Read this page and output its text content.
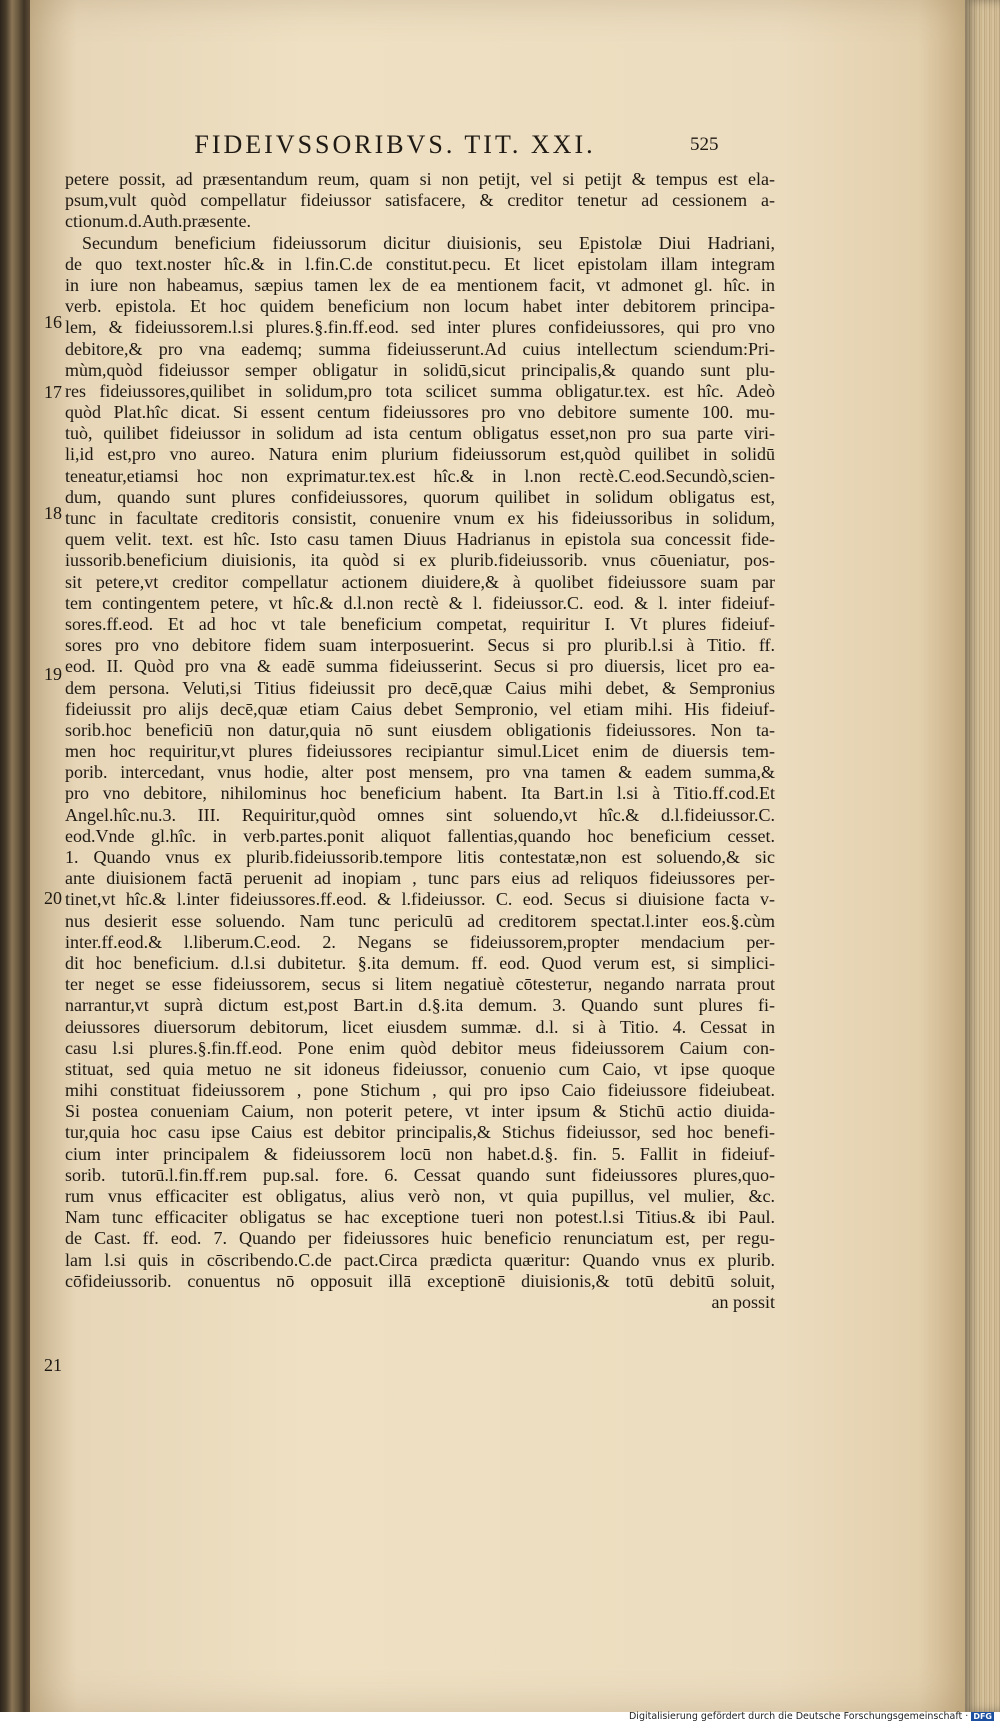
FIDEIVSSORIBVS. TIT. XXI.	525
16
17
18
19
20
21
petere possit, ad præsentandum reum, quam si non petijt, vel si petijt & tempus est ela-
psum,vult quòd compellatur fideiussor satisfacere, & creditor tenetur ad cessionem a-
ctionum.d.Auth.præsente.
Secundum beneficium fideiussorum dicitur diuisionis, seu Epistolæ Diui Hadriani,
de quo text.noster hîc.& in l.fin.C.de constitut.pecu. Et licet epistolam illam integram
in iure non habeamus, sæpius tamen lex de ea mentionem facit, vt admonet gl. hîc. in
verb. epistola. Et hoc quidem beneficium non locum habet inter debitorem principa-
lem, & fideiussorem.l.si plures.§.fin.ff.eod. sed inter plures confideiussores, qui pro vno
debitore,& pro vna eademq; summa fideiusserunt.Ad cuius intellectum sciendum:Pri-
mùm,quòd fideiussor semper obligatur in solidū,sicut principalis,& quando sunt plu-
res fideiussores,quilibet in solidum,pro tota scilicet summa obligatur.tex. est hîc. Adeò
quòd Plat.hîc dicat. Si essent centum fideiussores pro vno debitore sumente 100. mu-
tuò, quilibet fideiussor in solidum ad ista centum obligatus esset,non pro sua parte viri-
li,id est,pro vno aureo. Natura enim plurium fideiussorum est,quòd quilibet in solidū
teneatur,etiamsi hoc non exprimatur.tex.est hîc.& in l.non rectè.C.eod.Secundò,scien-
dum, quando sunt plures confideiussores, quorum quilibet in solidum obligatus est,
tunc in facultate creditoris consistit, conuenire vnum ex his fideiussoribus in solidum,
quem velit. text. est hîc. Isto casu tamen Diuus Hadrianus in epistola sua concessit fide-
iussorib.beneficium diuisionis, ita quòd si ex plurib.fideiussorib. vnus cōueniatur, pos-
sit petere,vt creditor compellatur actionem diuidere,& à quolibet fideiussore suam par
tem contingentem petere, vt hîc.& d.l.non rectè & l. fideiussor.C. eod. & l. inter fideiuf-
sores.ff.eod. Et ad hoc vt tale beneficium competat, requiritur I. Vt plures fideiuf-
sores pro vno debitore fidem suam interposuerint. Secus si pro plurib.l.si à Titio. ff.
eod. II. Quòd pro vna & eadē summa fideiusserint. Secus si pro diuersis, licet pro ea-
dem persona. Veluti,si Titius fideiussit pro decē,quæ Caius mihi debet, & Sempronius
fideiussit pro alijs decē,quæ etiam Caius debet Sempronio, vel etiam mihi. His fideiuf-
sorib.hoc beneficiū non datur,quia nō sunt eiusdem obligationis fideiussores. Non ta-
men hoc requiritur,vt plures fideiussores recipiantur simul.Licet enim de diuersis tem-
porib. intercedant, vnus hodie, alter post mensem, pro vna tamen & eadem summa,&
pro vno debitore, nihilominus hoc beneficium habent. Ita Bart.in l.si à Titio.ff.cod.Et
Angel.hîc.nu.3. III. Requiritur,quòd omnes sint soluendo,vt hîc.& d.l.fideiussor.C.
eod.Vnde gl.hîc. in verb.partes.ponit aliquot fallentias,quando hoc beneficium cesset.
1. Quando vnus ex plurib.fideiussorib.tempore litis contestatæ,non est soluendo,& sic
ante diuisionem factā peruenit ad inopiam , tunc pars eius ad reliquos fideiussores per-
tinet,vt hîc.& l.inter fideiussores.ff.eod. & l.fideiussor. C. eod. Secus si diuisione facta v-
nus desierit esse soluendo. Nam tunc periculū ad creditorem spectat.l.inter eos.§.cùm
inter.ff.eod.& l.liberum.C.eod. 2. Negans se fideiussorem,propter mendacium per-
dit hoc beneficium. d.l.si dubitetur. §.ita demum. ff. eod. Quod verum est, si simplici-
ter neget se esse fideiussorem, secus si litem negatiuè cōtesteтur, negando narrata prout
narrantur,vt suprà dictum est,post Bart.in d.§.ita demum. 3. Quando sunt plures fi-
deiussores diuersorum debitorum, licet eiusdem summæ. d.l. si à Titio. 4. Cessat in
casu l.si plures.§.fin.ff.eod. Pone enim quòd debitor meus fideiussorem Caium con-
stituat, sed quia metuo ne sit idoneus fideiussor, conuenio cum Caio, vt ipse quoque
mihi constituat fideiussorem , pone Stichum , qui pro ipso Caio fideiussore fideiubeat.
Si postea conueniam Caium, non poterit petere, vt inter ipsum & Stichū actio diuida-
tur,quia hoc casu ipse Caius est debitor principalis,& Stichus fideiussor, sed hoc benefi-
cium inter principalem & fideiussorem locū non habet.d.§. fin. 5. Fallit in fideiuf-
sorib. tutorū.l.fin.ff.rem pup.sal. fore. 6. Cessat quando sunt fideiussores plures,quo-
rum vnus efficaciter est obligatus, alius verò non, vt quia pupillus, vel mulier, &c.
Nam tunc efficaciter obligatus se hac exceptione tueri non potest.l.si Titius.& ibi Paul.
de Cast. ff. eod. 7. Quando per fideiussores huic beneficio renunciatum est, per regu-
lam l.si quis in cōscribendo.C.de pact.Circa prædicta quæritur: Quando vnus ex plurib.
cōfideiussorib. conuentus nō opposuit illā exceptionē diuisionis,& totū debitū soluit,
an possit
Digitalisierung gefördert durch die Deutsche Forschungsgemeinschaft · DFG
